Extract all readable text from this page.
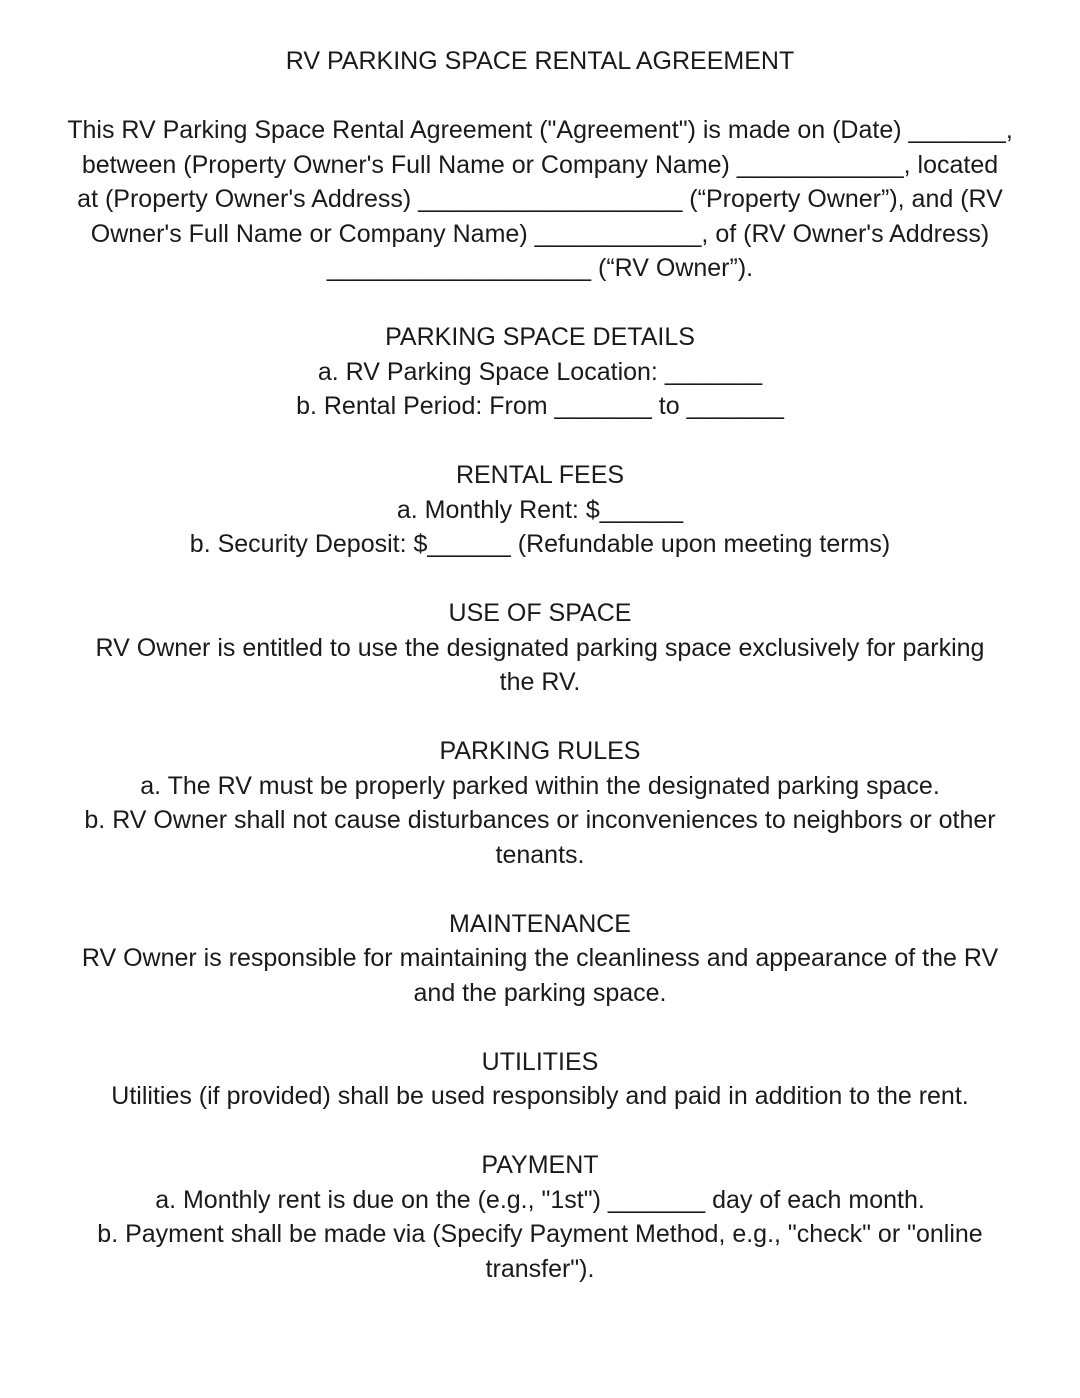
RV PARKING SPACE RENTAL AGREEMENT
This RV Parking Space Rental Agreement ("Agreement") is made on (Date) _______,
between (Property Owner's Full Name or Company Name) ____________, located
at (Property Owner's Address) ___________________ (“Property Owner”), and (RV
Owner's Full Name or Company Name) ____________, of (RV Owner's Address)
___________________ (“RV Owner”).
PARKING SPACE DETAILS
a. RV Parking Space Location: _______
b. Rental Period: From _______ to _______
RENTAL FEES
a. Monthly Rent: $______
b. Security Deposit: $______ (Refundable upon meeting terms)
USE OF SPACE
RV Owner is entitled to use the designated parking space exclusively for parking
the RV.
PARKING RULES
a. The RV must be properly parked within the designated parking space.
b. RV Owner shall not cause disturbances or inconveniences to neighbors or other
tenants.
MAINTENANCE
RV Owner is responsible for maintaining the cleanliness and appearance of the RV
and the parking space.
UTILITIES
Utilities (if provided) shall be used responsibly and paid in addition to the rent.
PAYMENT
a. Monthly rent is due on the (e.g., "1st") _______ day of each month.
b. Payment shall be made via (Specify Payment Method, e.g., "check" or "online
transfer").
